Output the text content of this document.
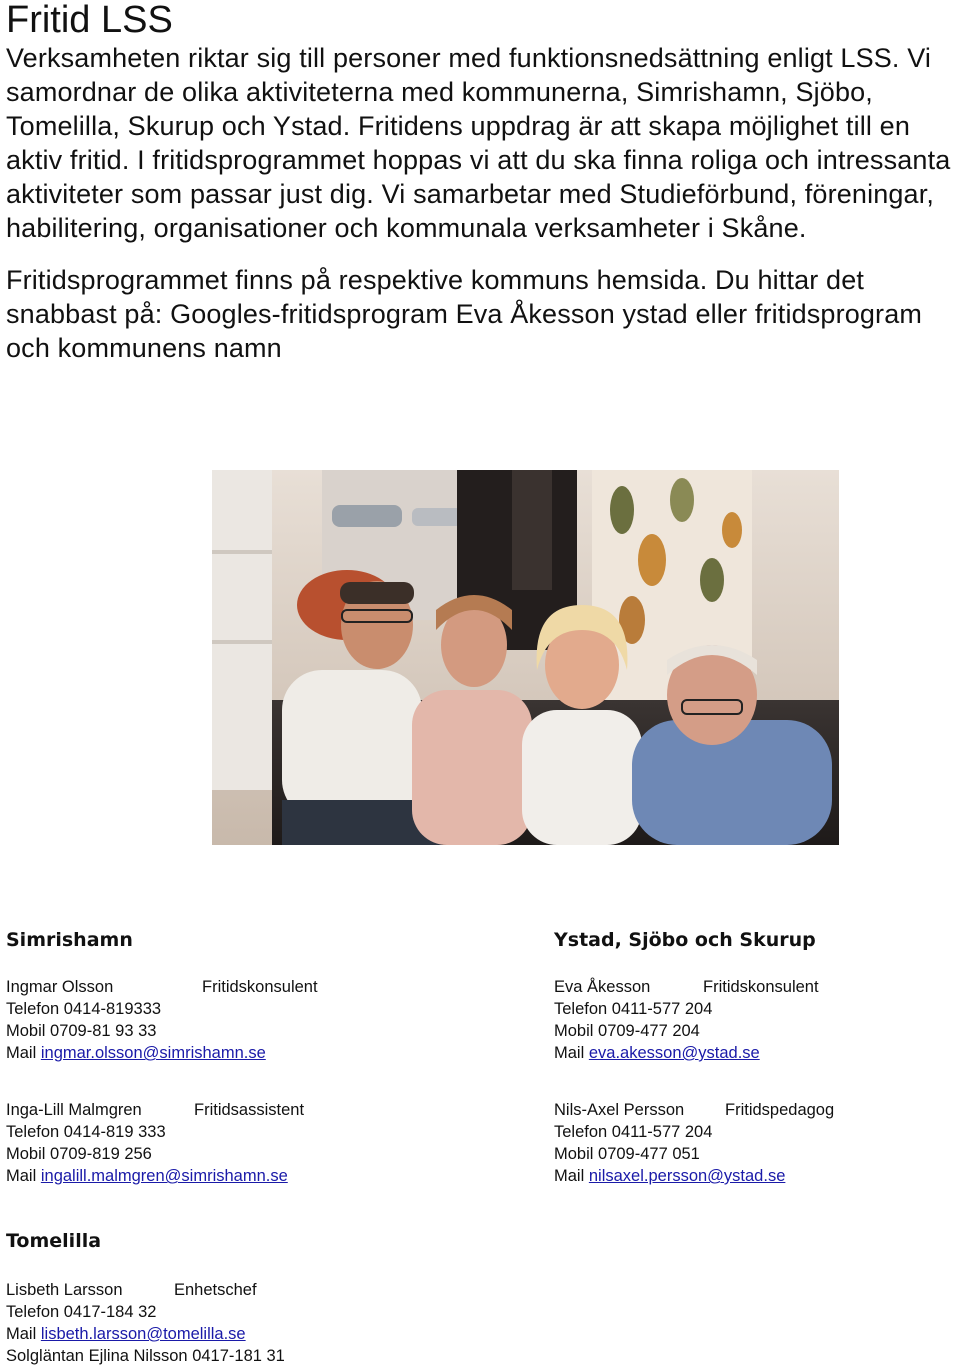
Fritid LSS

Verksamheten riktar sig till personer med funktionsnedsättning enligt LSS. Vi samordnar de olika aktiviteterna med kommunerna, Simrishamn, Sjöbo, Tomelilla, Skurup och Ystad. Fritidens uppdrag är att skapa möjlighet till en aktiv fritid. I fritidsprogrammet hoppas vi att du ska finna roliga och intressanta aktiviteter som passar just dig. Vi samarbetar med Studieförbund, föreningar, habilitering, organisationer och kommunala verksamheter i Skåne.

Fritidsprogrammet finns på respektive kommuns hemsida. Du hittar det snabbast på: Googles-fritidsprogram Eva Åkesson ystad eller fritidsprogram och kommunens namn

Simrishamn
Ingmar Olsson	Fritidskonsulent
Telefon 0414-819333
Mobil 0709-81 93 33
Mail ingmar.olsson@simrishamn.se
Inga-Lill Malmgren	Fritidsassistent
Telefon 0414-819 333
Mobil 0709-819 256
Mail ingalill.malmgren@simrishamn.se
Ystad, Sjöbo och Skurup
Eva Åkesson	Fritidskonsulent
Telefon 0411-577 204
Mobil 0709-477 204
Mail eva.akesson@ystad.se
Nils-Axel Persson Fritidspedagog
Telefon 0411-577 204
Mobil 0709-477 051
Mail nilsaxel.persson@ystad.se
Tomelilla
Lisbeth Larsson	Enhetschef
Telefon 0417-184 32
Mail lisbeth.larsson@tomelilla.se
Solgläntan Ejlina Nilsson 0417-181 31
